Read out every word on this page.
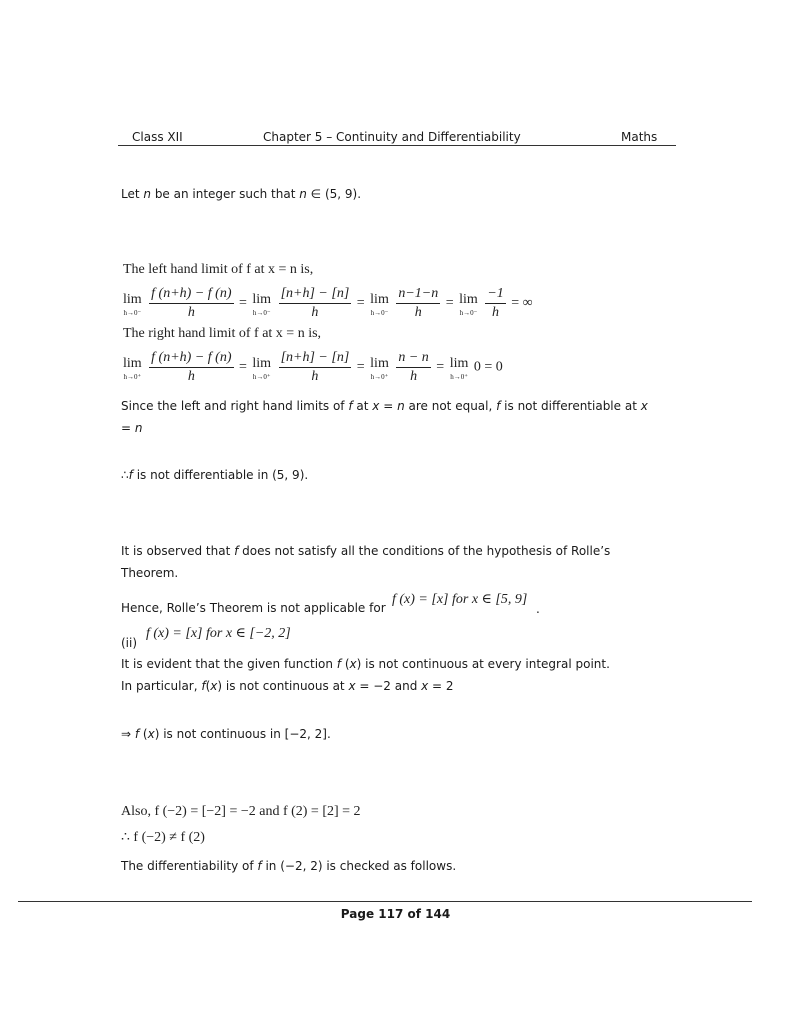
Class XII	Chapter 5 – Continuity and Differentiability	Maths
Let n be an integer such that n ∈ (5, 9).
The left hand limit of f at x = n is,
lim
h→0⁻
$\frac{f (n+h) - f (n)}{h} = \lim$
h→0⁻
$\frac{[n+h] - [n]}{h} = \lim$
h→0⁻
$\frac{n-1-n}{h} = \lim$
h→0⁻
$\frac{-1}{h}$ = ∞
The right hand limit of f at x = n is,
lim
h→0⁺
$\frac{f (n+h) - f (n)}{h} = \lim$
h→0⁺
$\frac{[n+h] - [n]}{h} = \lim$
h→0⁺
$\frac{n - n}{h} = \lim$
h→0⁺
0 = 0
Since the left and right hand limits of f at x = n are not equal, f is not differentiable at x
= n
∴f is not differentiable in (5, 9).
It is observed that f does not satisfy all the conditions of the hypothesis of Rolle’s
Theorem.
Hence, Rolle’s Theorem is not applicable for
f (x) = [x] for x ∈ [5, 9]
.
(ii)
f (x) = [x] for x ∈ [−2, 2]
It is evident that the given function f (x) is not continuous at every integral point.
In particular, f(x) is not continuous at x = −2 and x = 2
⇒ f (x) is not continuous in [−2, 2].
Also, f (−2) = [−2] = −2 and f (2) = [2] = 2
∴ f (−2) ≠ f (2)
The differentiability of f in (−2, 2) is checked as follows.
Page 117 of 144
